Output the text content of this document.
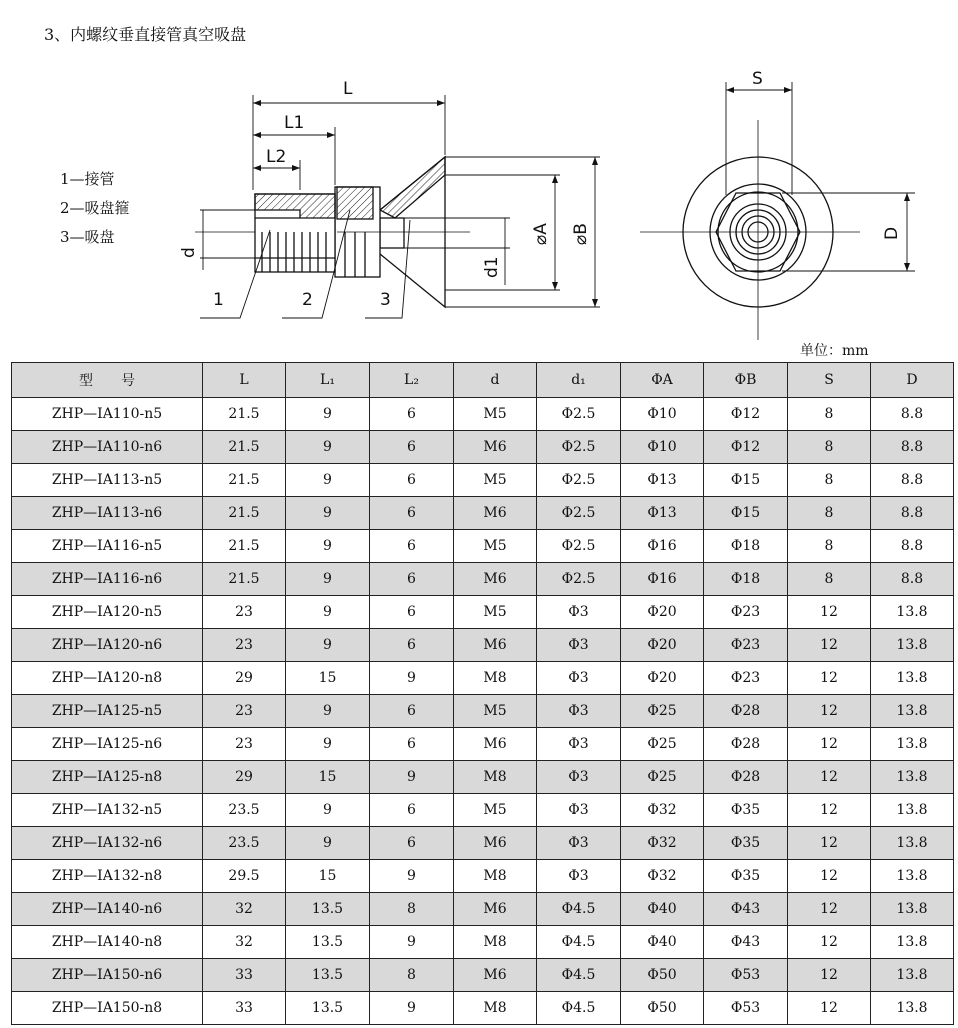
3、内螺纹垂直接管真空吸盘
L
L1
L2
S
1	2	3
d
d1
⌀A ⌀B	D
1—接管
2—吸盘箍
3—吸盘
单位：mm
型　　号	L	L₁	L₂	d	d₁	ΦA	ΦB	S	D
ZHP—IA110-n5	21.5	9	6	M5	Φ2.5	Φ10	Φ12	8	8.8
ZHP—IA110-n6	21.5	9	6	M6	Φ2.5	Φ10	Φ12	8	8.8
ZHP—IA113-n5	21.5	9	6	M5	Φ2.5	Φ13	Φ15	8	8.8
ZHP—IA113-n6	21.5	9	6	M6	Φ2.5	Φ13	Φ15	8	8.8
ZHP—IA116-n5	21.5	9	6	M5	Φ2.5	Φ16	Φ18	8	8.8
ZHP—IA116-n6	21.5	9	6	M6	Φ2.5	Φ16	Φ18	8	8.8
ZHP—IA120-n5	23	9	6	M5	Φ3	Φ20	Φ23	12	13.8
ZHP—IA120-n6	23	9	6	M6	Φ3	Φ20	Φ23	12	13.8
ZHP—IA120-n8	29	15	9	M8	Φ3	Φ20	Φ23	12	13.8
ZHP—IA125-n5	23	9	6	M5	Φ3	Φ25	Φ28	12	13.8
ZHP—IA125-n6	23	9	6	M6	Φ3	Φ25	Φ28	12	13.8
ZHP—IA125-n8	29	15	9	M8	Φ3	Φ25	Φ28	12	13.8
ZHP—IA132-n5	23.5	9	6	M5	Φ3	Φ32	Φ35	12	13.8
ZHP—IA132-n6	23.5	9	6	M6	Φ3	Φ32	Φ35	12	13.8
ZHP—IA132-n8	29.5	15	9	M8	Φ3	Φ32	Φ35	12	13.8
ZHP—IA140-n6	32	13.5	8	M6	Φ4.5	Φ40	Φ43	12	13.8
ZHP—IA140-n8	32	13.5	9	M8	Φ4.5	Φ40	Φ43	12	13.8
ZHP—IA150-n6	33	13.5	8	M6	Φ4.5	Φ50	Φ53	12	13.8
ZHP—IA150-n8	33	13.5	9	M8	Φ4.5	Φ50	Φ53	12	13.8
